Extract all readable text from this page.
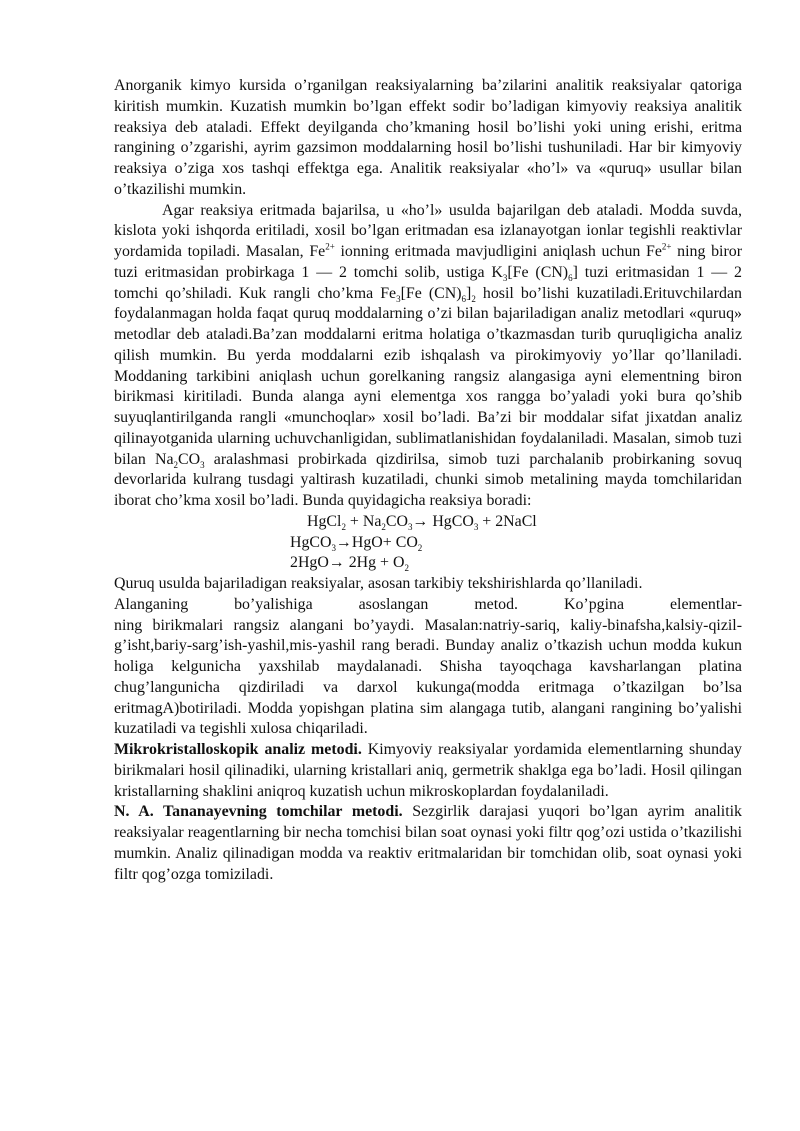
Anorganik kimyo kursida o’rganilgan reaksiyalarning ba’zilarini analitik reaksiyalar qatoriga kiritish mumkin. Kuzatish mumkin bo’lgan effekt sodir bo’ladigan kimyoviy reaksiya analitik reaksiya deb ataladi. Effekt deyilganda cho’kmaning hosil bo’lishi yoki uning erishi, eritma rangining o’zgarishi, ayrim gazsimon moddalarning hosil bo’lishi tushuniladi. Har bir kimyoviy reaksiya o’ziga xos tashqi effektga ega. Analitik reaksiyalar «ho’l» va «quruq» usullar bilan o’tkazilishi mumkin.

Agar reaksiya eritmada bajarilsa, u «ho’l» usulda bajarilgan deb ataladi. Modda suvda, kislota yoki ishqorda eritiladi, xosil bo’lgan eritmadan esa izlanayotgan ionlar tegishli reaktivlar yordamida topiladi. Masalan, $Fe^{2+}$ ionning eritmada mavjudligini aniqlash uchun $Fe^{2+}$ ning biror tuzi eritmasidan probirkaga 1 — 2 tomchi solib, ustiga $K_3[Fe$ $(CN)_6$] tuzi eritmasidan 1 — 2 tomchi qo’shiladi. Kuk rangli cho’kma $Fe_3[Fe$ $(CN)_6]_2$ hosil bo’lishi kuzatiladi.Erituvchilardan foydalanmagan holda faqat quruq moddalarning o’zi bilan bajariladigan analiz metodlari «quruq» metodlar deb ataladi.Ba’zan moddalarni eritma holatiga o’tkazmasdan turib quruqligicha analiz qilish mumkin. Bu yerda moddalarni ezib ishqalash va pirokimyoviy yo’llar qo’llaniladi. Moddaning tarkibini aniqlash uchun gorelkaning rangsiz alangasiga ayni elementning biron birikmasi kiritiladi. Bunda alanga ayni elementga xos rangga bo’yaladi yoki bura qo’shib suyuqlantirilganda rangli «munchoqlar» xosil bo’ladi. Ba’zi bir moddalar sifat jixatdan analiz qilinayotganida ularning uchuvchanligidan, sublimatlanishidan foydalaniladi. Masalan, simob tuzi bilan $Na_2CO_3$ aralashmasi probirkada qizdirilsa, simob tuzi parchalanib probirkaning sovuq devorlarida kulrang tusdagi yaltirash kuzatiladi, chunki simob metalining mayda tomchilaridan iborat cho’kma xosil bo’ladi. Bunda quyidagicha reaksiya boradi:

HgCl$_2$ + $Na_2CO_3\to$ HgCO$_3$ + 2NaCl

HgCO$_3$→HgO+ $CO_2$

$2HgO\to 2Hg + O_2$

Quruq usulda bajariladigan reaksiyalar, asosan tarkibiy tekshirishlarda qo’llaniladi.

Alanganing bo’yalishiga asoslangan metod. Ko’pgina elementlar-

ning birikmalari rangsiz alangani bo’yaydi. Masalan:natriy-sariq, kaliy-binafsha,kalsiy-qizil-g’isht,bariy-sarg’ish-yashil,mis-yashil rang beradi. Bunday analiz o’tkazish uchun modda kukun holiga kelgunicha yaxshilab maydalanadi. Shisha tayoqchaga kavsharlangan platina chug’langunicha qizdiriladi va darxol kukunga(modda eritmaga o’tkazilgan bo’lsa eritmagA)botiriladi. Modda yopishgan platina sim alangaga tutib, alangani rangining bo’yalishi kuzatiladi va tegishli xulosa chiqariladi.

Mikrokristalloskopik analiz metodi. Kimyoviy reaksiyalar yordamida elementlarning shunday birikmalari hosil qilinadiki, ularning kristallari aniq, germetrik shaklga ega bo’ladi. Hosil qilingan kristallarning shaklini aniqroq kuzatish uchun mikroskoplardan foydalaniladi.

N. A. Tananayevning tomchilar metodi. Sezgirlik darajasi yuqori bo’lgan ayrim analitik reaksiyalar reagentlarning bir necha tomchisi bilan soat oynasi yoki filtr qog’ozi ustida o’tkazilishi mumkin. Analiz qilinadigan modda va reaktiv eritmalaridan bir tomchidan olib, soat oynasi yoki filtr qog’ozga tomiziladi.
